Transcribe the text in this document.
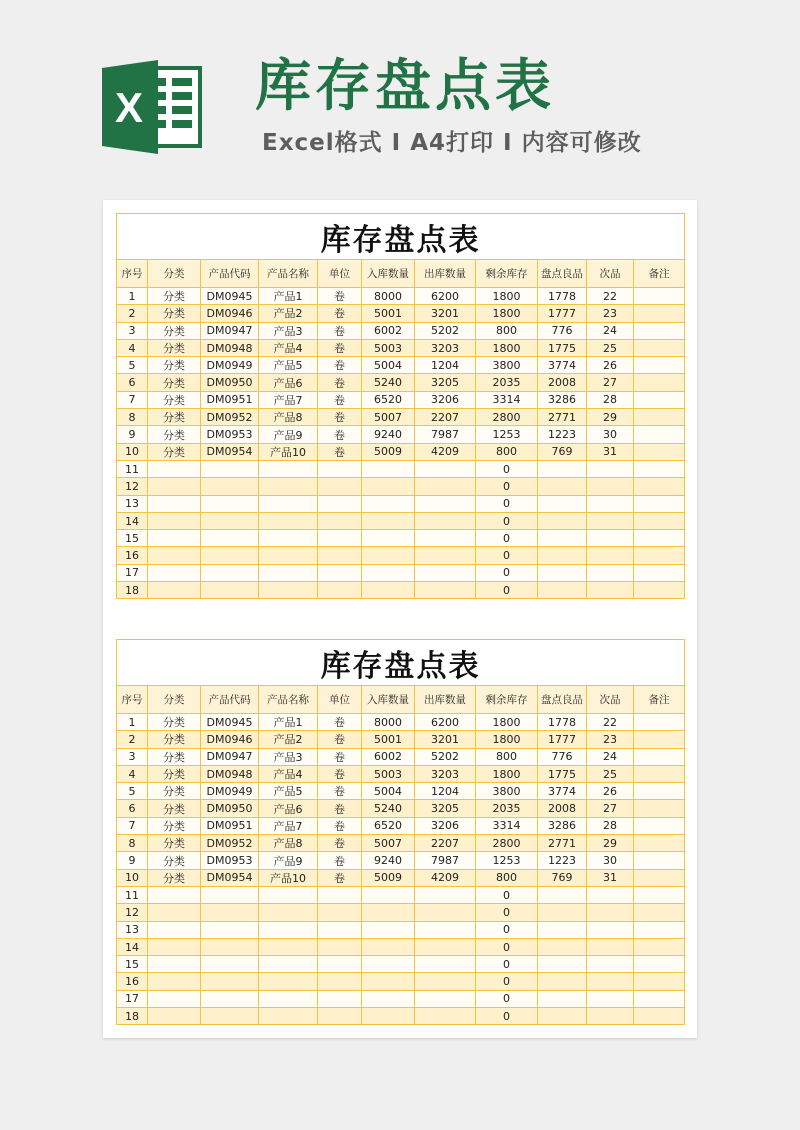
X 库存盘点表
Excel格式 Ⅰ A4打印 Ⅰ 内容可修改
库存盘点表										
序号	分类	产品代码	产品名称	单位	入库数量	出库数量	剩余库存	盘点良品	次品	备注
1	分类	DM0945	产品1	卷	8000	6200	1800	1778	22	
2	分类	DM0946	产品2	卷	5001	3201	1800	1777	23	
3	分类	DM0947	产品3	卷	6002	5202	800	776	24	
4	分类	DM0948	产品4	卷	5003	3203	1800	1775	25	
5	分类	DM0949	产品5	卷	5004	1204	3800	3774	26	
6	分类	DM0950	产品6	卷	5240	3205	2035	2008	27	
7	分类	DM0951	产品7	卷	6520	3206	3314	3286	28	
8	分类	DM0952	产品8	卷	5007	2207	2800	2771	29	
9	分类	DM0953	产品9	卷	9240	7987	1253	1223	30	
10	分类	DM0954	产品10	卷	5009	4209	800	769	31	
11							0			
12							0			
13							0			
14							0			
15							0			
16							0			
17							0			
18							0			
库存盘点表										
序号	分类	产品代码	产品名称	单位	入库数量	出库数量	剩余库存	盘点良品	次品	备注
1	分类	DM0945	产品1	卷	8000	6200	1800	1778	22	
2	分类	DM0946	产品2	卷	5001	3201	1800	1777	23	
3	分类	DM0947	产品3	卷	6002	5202	800	776	24	
4	分类	DM0948	产品4	卷	5003	3203	1800	1775	25	
5	分类	DM0949	产品5	卷	5004	1204	3800	3774	26	
6	分类	DM0950	产品6	卷	5240	3205	2035	2008	27	
7	分类	DM0951	产品7	卷	6520	3206	3314	3286	28	
8	分类	DM0952	产品8	卷	5007	2207	2800	2771	29	
9	分类	DM0953	产品9	卷	9240	7987	1253	1223	30	
10	分类	DM0954	产品10	卷	5009	4209	800	769	31	
11							0			
12							0			
13							0			
14							0			
15							0			
16							0			
17							0			
18							0			
